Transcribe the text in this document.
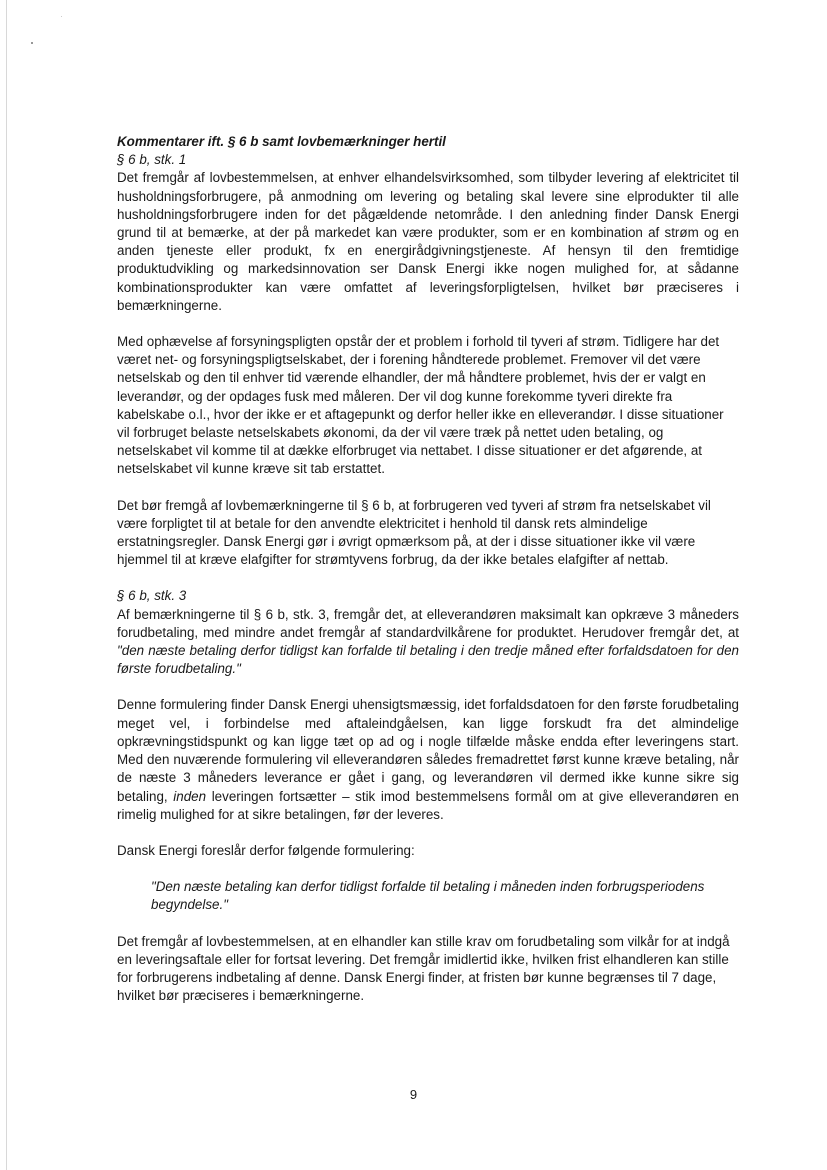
Kommentarer ift. § 6 b samt lovbemærkninger hertil

§ 6 b, stk. 1

Det fremgår af lovbestemmelsen, at enhver elhandelsvirksomhed, som tilbyder levering af elektricitet til husholdningsforbrugere, på anmodning om levering og betaling skal levere sine elprodukter til alle husholdningsforbrugere inden for det pågældende netområde. I den anledning finder Dansk Energi grund til at bemærke, at der på markedet kan være produkter, som er en kombination af strøm og en anden tjeneste eller produkt, fx en energirådgivningstjeneste. Af hensyn til den fremtidige produktudvikling og markedsinnovation ser Dansk Energi ikke nogen mulighed for, at sådanne kombinationsprodukter kan være omfattet af leveringsforpligtelsen, hvilket bør præciseres i bemærkningerne.

Med ophævelse af forsyningspligten opstår der et problem i forhold til tyveri af strøm. Tidligere har det været net- og forsyningspligtselskabet, der i forening håndterede problemet. Fremover vil det være netselskab og den til enhver tid værende elhandler, der må håndtere problemet, hvis der er valgt en leverandør, og der opdages fusk med måleren. Der vil dog kunne forekomme tyveri direkte fra kabelskabe o.l., hvor der ikke er et aftagepunkt og derfor heller ikke en elleverandør. I disse situationer vil forbruget belaste netselskabets økonomi, da der vil være træk på nettet uden betaling, og netselskabet vil komme til at dække elforbruget via nettabet. I disse situationer er det afgørende, at netselskabet vil kunne kræve sit tab erstattet.

Det bør fremgå af lovbemærkningerne til § 6 b, at forbrugeren ved tyveri af strøm fra netselskabet vil være forpligtet til at betale for den anvendte elektricitet i henhold til dansk rets almindelige erstatningsregler. Dansk Energi gør i øvrigt opmærksom på, at der i disse situationer ikke vil være hjemmel til at kræve elafgifter for strømtyvens forbrug, da der ikke betales elafgifter af nettab.

§ 6 b, stk. 3

Af bemærkningerne til § 6 b, stk. 3, fremgår det, at elleverandøren maksimalt kan opkræve 3 måneders forudbetaling, med mindre andet fremgår af standardvilkårene for produktet. Herudover fremgår det, at "den næste betaling derfor tidligst kan forfalde til betaling i den tredje måned efter forfaldsdatoen for den første forudbetaling."

Denne formulering finder Dansk Energi uhensigtsmæssig, idet forfaldsdatoen for den første forudbetaling meget vel, i forbindelse med aftaleindgåelsen, kan ligge forskudt fra det almindelige opkrævningstidspunkt og kan ligge tæt op ad og i nogle tilfælde måske endda efter leveringens start. Med den nuværende formulering vil elleverandøren således fremadrettet først kunne kræve betaling, når de næste 3 måneders leverance er gået i gang, og leverandøren vil dermed ikke kunne sikre sig betaling, inden leveringen fortsætter – stik imod bestemmelsens formål om at give elleverandøren en rimelig mulighed for at sikre betalingen, før der leveres.

Dansk Energi foreslår derfor følgende formulering:

"Den næste betaling kan derfor tidligst forfalde til betaling i måneden inden forbrugsperiodens begyndelse."

Det fremgår af lovbestemmelsen, at en elhandler kan stille krav om forudbetaling som vilkår for at indgå en leveringsaftale eller for fortsat levering. Det fremgår imidlertid ikke, hvilken frist elhandleren kan stille for forbrugerens indbetaling af denne. Dansk Energi finder, at fristen bør kunne begrænses til 7 dage, hvilket bør præciseres i bemærkningerne.

9
